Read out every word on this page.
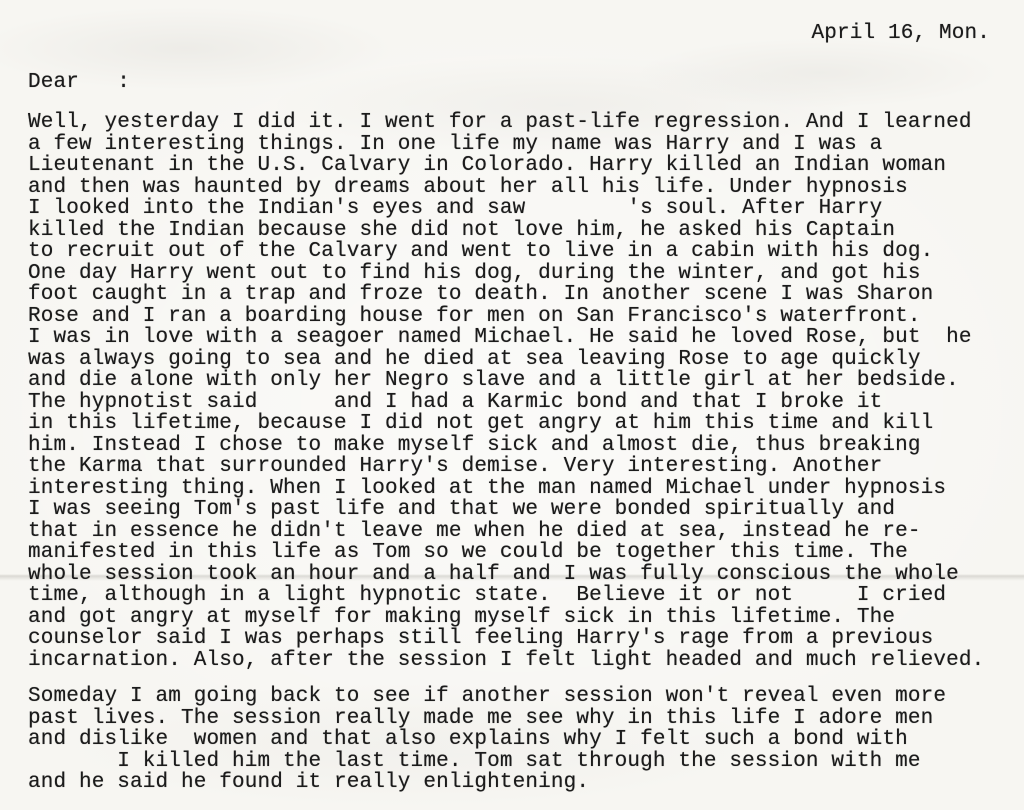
April 16, Mon.
Dear   :
Well, yesterday I did it. I went for a past-life regression. And I learned
a few interesting things. In one life my name was Harry and I was a
Lieutenant in the U.S. Calvary in Colorado. Harry killed an Indian woman
and then was haunted by dreams about her all his life. Under hypnosis
I looked into the Indian's eyes and saw        's soul. After Harry
killed the Indian because she did not love him, he asked his Captain
to recruit out of the Calvary and went to live in a cabin with his dog.
One day Harry went out to find his dog, during the winter, and got his
foot caught in a trap and froze to death. In another scene I was Sharon
Rose and I ran a boarding house for men on San Francisco's waterfront.
I was in love with a seagoer named Michael. He said he loved Rose, but  he
was always going to sea and he died at sea leaving Rose to age quickly
and die alone with only her Negro slave and a little girl at her bedside.
The hypnotist said      and I had a Karmic bond and that I broke it
in this lifetime, because I did not get angry at him this time and kill
him. Instead I chose to make myself sick and almost die, thus breaking
the Karma that surrounded Harry's demise. Very interesting. Another
interesting thing. When I looked at the man named Michael under hypnosis
I was seeing Tom's past life and that we were bonded spiritually and
that in essence he didn't leave me when he died at sea, instead he re-
manifested in this life as Tom so we could be together this time. The
whole session took an hour and a half and I was fully conscious the whole
time, although in a light hypnotic state.  Believe it or not     I cried
and got angry at myself for making myself sick in this lifetime. The
counselor said I was perhaps still feeling Harry's rage from a previous
incarnation. Also, after the session I felt light headed and much relieved.
Someday I am going back to see if another session won't reveal even more
past lives. The session really made me see why in this life I adore men
and dislike  women and that also explains why I felt such a bond with
I killed him the last time. Tom sat through the session with me
and he said he found it really enlightening.
